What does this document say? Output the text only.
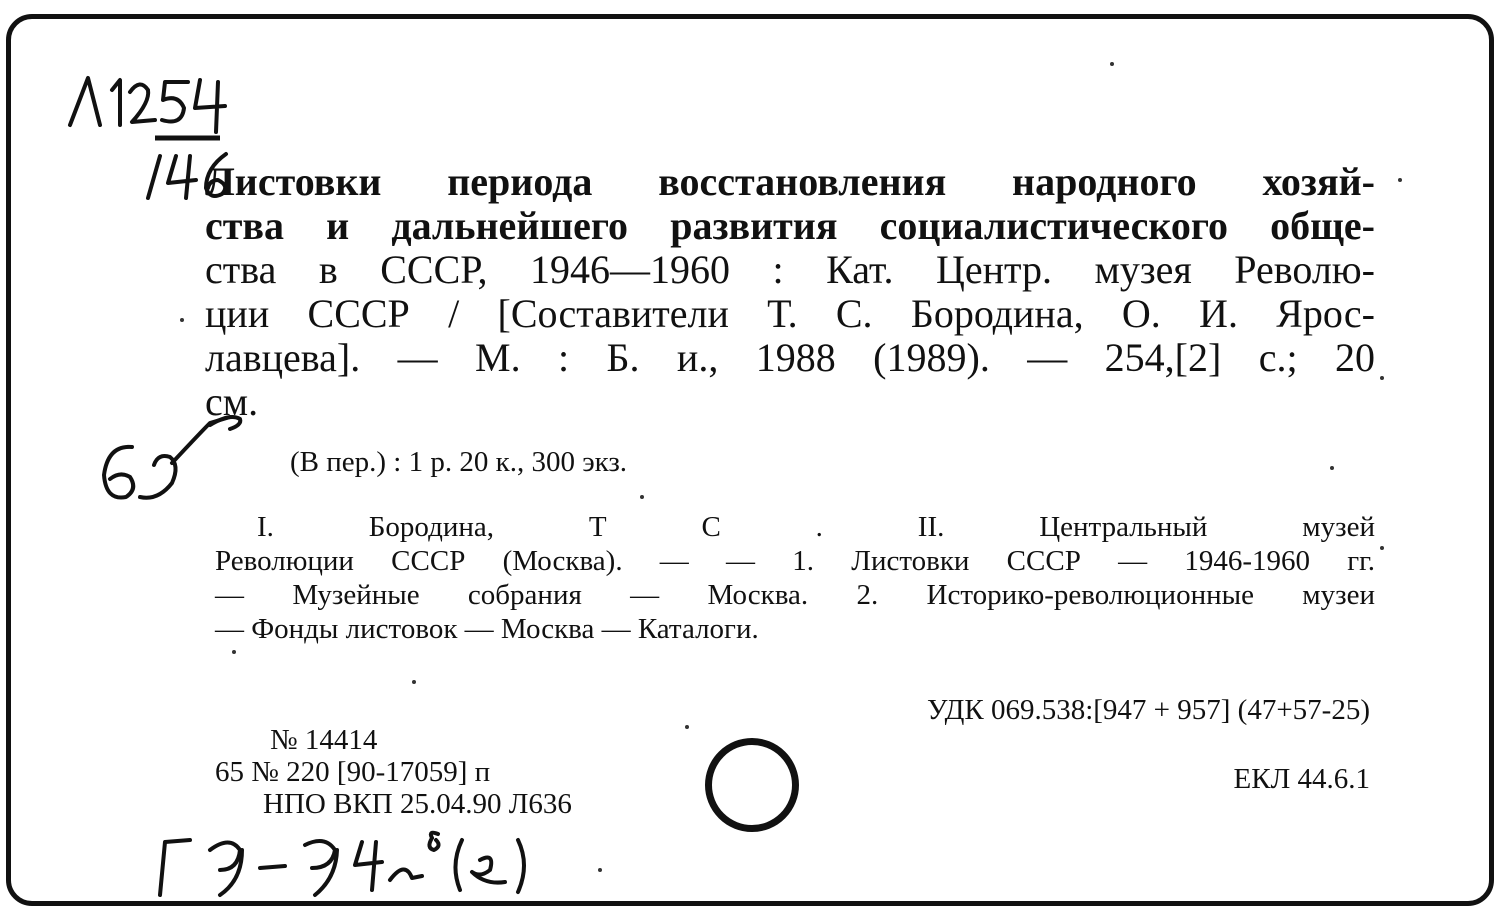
Листовки периода восстановления народного хозяй-
ства и дальнейшего развития социалистического обще-
ства в СССР, 1946—1960 : Кат. Центр. музея Револю-
ции СССР / [Составители Т. С. Бородина, О. И. Ярос-
лавцева]. — М. : Б. и., 1988 (1989). — 254,[2] с.; 20
см.
(В пер.) : 1 р. 20 к., 300 экз.
I. Бородина, Т С . II. Центральный музей
Революции СССР (Москва). — — 1. Листовки СССР — 1946-1960 гг.
— Музейные собрания — Москва. 2. Историко-революционные музеи
— Фонды листовок — Москва — Каталоги.
УДК 069.538:[947 + 957] (47+57-25)
ЕКЛ 44.6.1
№ 14414
65 № 220 [90-17059] п
НПО ВКП 25.04.90 Л636
